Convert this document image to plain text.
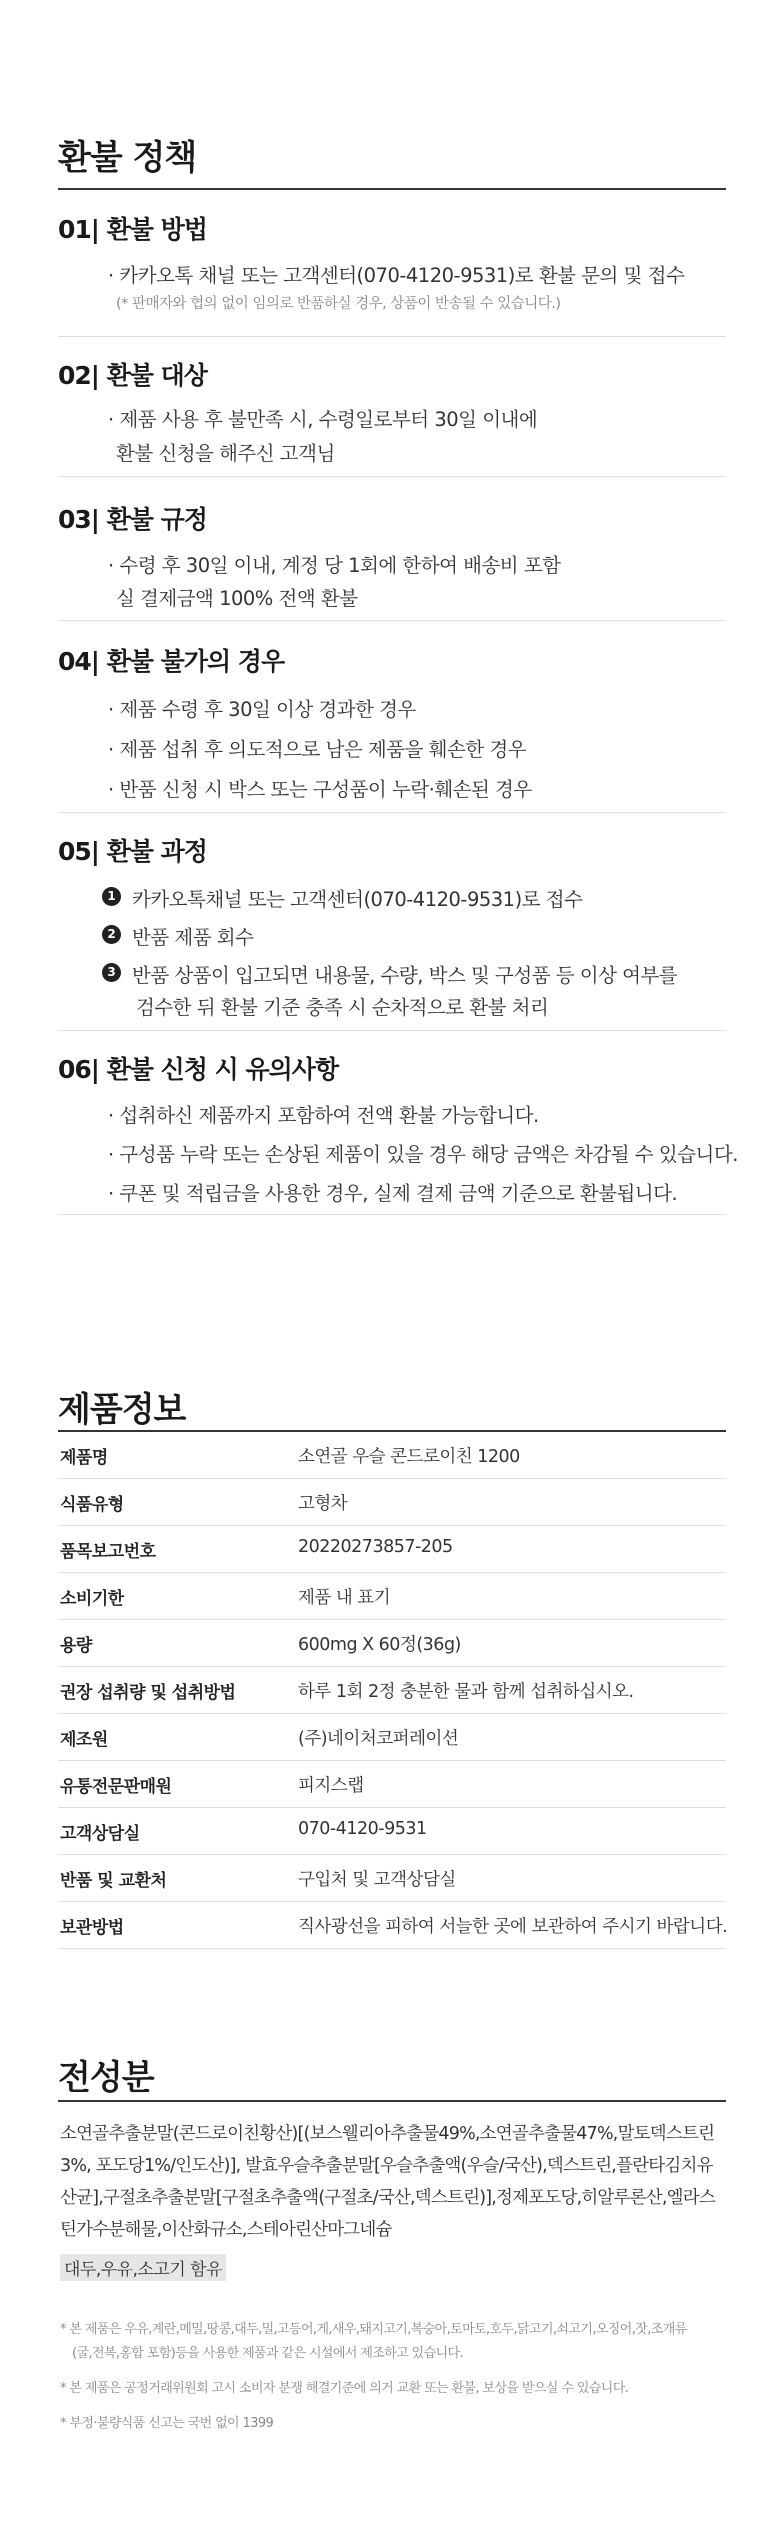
환불 정책
01| 환불 방법
· 카카오톡 채널 또는 고객센터(070-4120-9531)로 환불 문의 및 접수
(* 판매자와 협의 없이 임의로 반품하실 경우, 상품이 반송될 수 있습니다.)
02| 환불 대상
· 제품 사용 후 불만족 시, 수령일로부터 30일 이내에
환불 신청을 해주신 고객님
03| 환불 규정
· 수령 후 30일 이내, 계정 당 1회에 한하여 배송비 포함
실 결제금액 100% 전액 환불
04| 환불 불가의 경우
· 제품 수령 후 30일 이상 경과한 경우
· 제품 섭취 후 의도적으로 남은 제품을 훼손한 경우
· 반품 신청 시 박스 또는 구성품이 누락·훼손된 경우
05| 환불 과정
1 카카오톡채널 또는 고객센터(070-4120-9531)로 접수
2 반품 제품 회수
3 반품 상품이 입고되면 내용물, 수량, 박스 및 구성품 등 이상 여부를
검수한 뒤 환불 기준 충족 시 순차적으로 환불 처리
06| 환불 신청 시 유의사항
· 섭취하신 제품까지 포함하여 전액 환불 가능합니다.
· 구성품 누락 또는 손상된 제품이 있을 경우 해당 금액은 차감될 수 있습니다.
· 쿠폰 및 적립금을 사용한 경우, 실제 결제 금액 기준으로 환불됩니다.
제품정보
제품명	소연골 우슬 콘드로이친 1200
식품유형	고형차
품목보고번호	20220273857-205
소비기한	제품 내 표기
용량	600mg X 60정(36g)
권장 섭취량 및 섭취방법	하루 1회 2정 충분한 물과 함께 섭취하십시오.
제조원	(주)네이처코퍼레이션
유통전문판매원	피지스랩
고객상담실	070-4120-9531
반품 및 교환처	구입처 및 고객상담실
보관방법	직사광선을 피하여 서늘한 곳에 보관하여 주시기 바랍니다.
전성분
소연골추출분말(콘드로이친황산)[(보스웰리아추출물49%,소연골추출물47%,말토덱스트린
3%, 포도당1%/인도산)], 발효우슬추출분말[우슬추출액(우슬/국산),덱스트린,플란타김치유
산균],구절초추출분말[구절초추출액(구절초/국산,덱스트린)],정제포도당,히알루론산,엘라스
틴가수분해물,이산화규소,스테아린산마그네슘
대두,우유,소고기 함유
* 본 제품은 우유,계란,메밀,땅콩,대두,밀,고등어,게,새우,돼지고기,복숭아,토마토,호두,닭고기,쇠고기,오징어,잣,조개류
(굴,전복,홍합 포함)등을 사용한 제품과 같은 시설에서 제조하고 있습니다.
* 본 제품은 공정거래위원회 고시 소비자 분쟁 해결기준에 의거 교환 또는 환불, 보상을 받으실 수 있습니다.
* 부정·불량식품 신고는 국번 없이 1399
